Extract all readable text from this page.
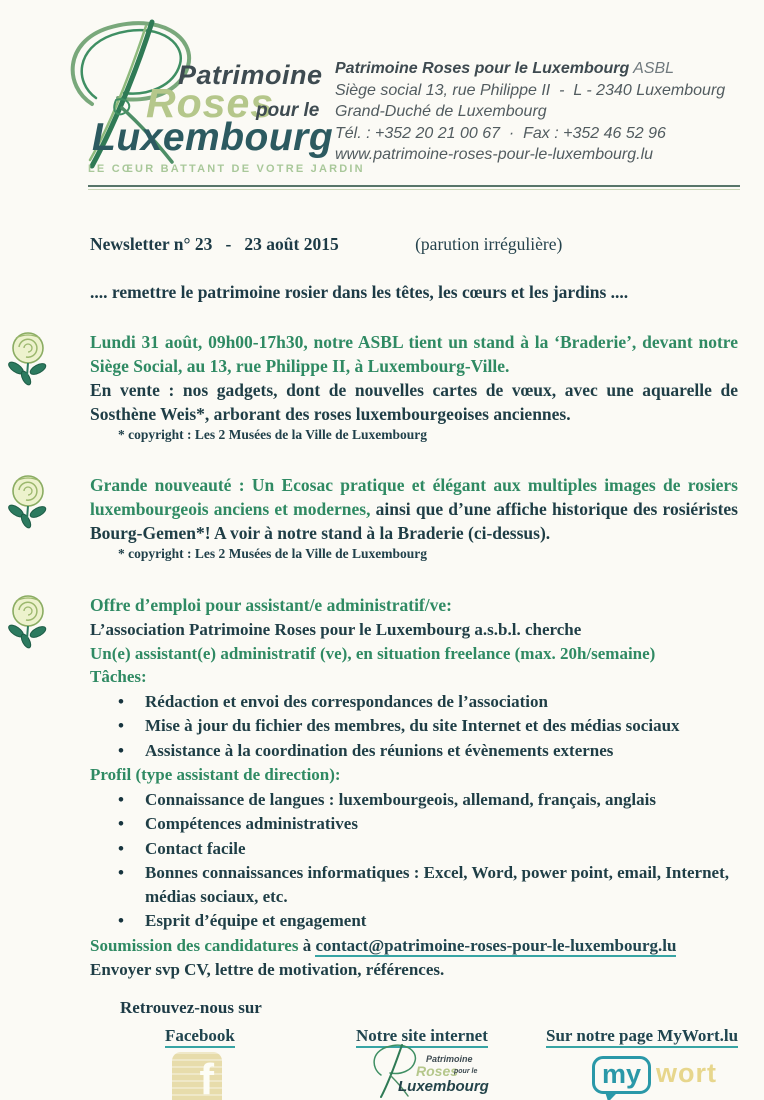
Patrimoine
Roses
pour le
Luxembourg
LE CŒUR BATTANT DE VOTRE JARDIN
Patrimoine Roses pour le Luxembourg ASBL
Siège social 13, rue Philippe II  -  L - 2340 Luxembourg
Grand-Duché de Luxembourg
Tél. : +352 20 21 00 67  ·  Fax : +352 46 52 96
www.patrimoine-roses-pour-le-luxembourg.lu
Newsletter n° 23   -   23 août 2015	(parution irrégulière)

.... remettre le patrimoine rosier dans les têtes, les cœurs et les jardins ....

Lundi 31 août, 09h00-17h30, notre ASBL tient un stand à la ‘Braderie’, devant notre Siège Social, au 13, rue Philippe II, à Luxembourg-Ville.

En vente : nos gadgets, dont de nouvelles cartes de vœux, avec une aquarelle de Sosthène Weis*, arborant des roses luxembourgeoises anciennes.

* copyright : Les 2 Musées de la Ville de Luxembourg

Grande nouveauté : Un Ecosac pratique et élégant aux multiples images de rosiers luxembourgeois anciens et modernes, ainsi que d’une affiche historique des rosiéristes Bourg-Gemen*! A voir à notre stand à la Braderie (ci-dessus).

* copyright : Les 2 Musées de la Ville de Luxembourg

Offre d’emploi pour assistant/e administratif/ve:

L’association Patrimoine Roses pour le Luxembourg a.s.b.l. cherche

Un(e) assistant(e) administratif (ve), en situation freelance (max. 20h/semaine)

Tâches:

• Rédaction et envoi des correspondances de l’association
• Mise à jour du fichier des membres, du site Internet et des médias sociaux
• Assistance à la coordination des réunions et évènements externes

Profil (type assistant de direction):

• Connaissance de langues : luxembourgeois, allemand, français, anglais
• Compétences administratives
• Contact facile
• Bonnes connaissances informatiques : Excel, Word, power point, email, Internet, médias sociaux, etc.
• Esprit d’équipe et engagement

Soumission des candidatures à contact@patrimoine-roses-pour-le-luxembourg.lu

Envoyer svp CV, lettre de motivation, références.

Retrouvez-nous sur
Facebook	Notre site internet	Sur notre page MyWort.lu
f	Patrimoine
Roses
pour le
Luxembourg	my wort
